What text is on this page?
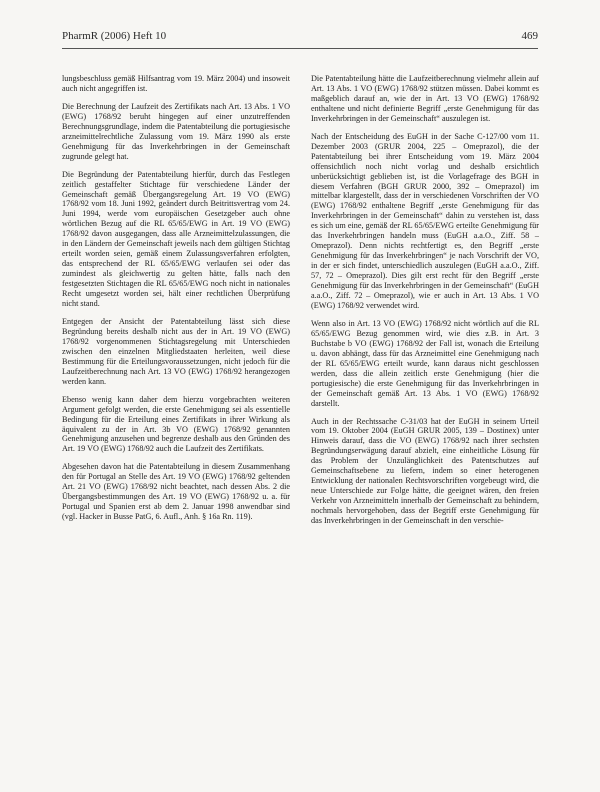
PharmR (2006) Heft 10	469

lungsbeschluss gemäß Hilfsantrag vom 19. März 2004) und insoweit auch nicht angegriffen ist.

Die Berechnung der Laufzeit des Zertifikats nach Art. 13 Abs. 1 VO (EWG) 1768/92 beruht hingegen auf einer unzutreffenden Berechnungsgrundlage, indem die Patentabteilung die portugiesische arzneimittelrechtliche Zulassung vom 19. März 1990 als erste Genehmigung für das Inverkehrbringen in der Gemeinschaft zugrunde gelegt hat.

Die Begründung der Patentabteilung hierfür, durch das Festlegen zeitlich gestaffelter Stichtage für verschiedene Länder der Gemeinschaft gemäß Übergangsregelung Art. 19 VO (EWG) 1768/92 vom 18. Juni 1992, geändert durch Beitrittsvertrag vom 24. Juni 1994, werde vom europäischen Gesetzgeber auch ohne wörtlichen Bezug auf die RL 65/65/EWG in Art. 19 VO (EWG) 1768/92 davon ausgegangen, dass alle Arzneimittelzulassungen, die in den Ländern der Gemeinschaft jeweils nach dem gültigen Stichtag erteilt worden seien, gemäß einem Zulassungsverfahren erfolgten, das entsprechend der RL 65/65/EWG verlaufen sei oder das zumindest als gleichwertig zu gelten hätte, falls nach den festgesetzten Stichtagen die RL 65/65/EWG noch nicht in nationales Recht umgesetzt worden sei, hält einer rechtlichen Überprüfung nicht stand.

Entgegen der Ansicht der Patentabteilung lässt sich diese Begründung bereits deshalb nicht aus der in Art. 19 VO (EWG) 1768/92 vorgenommenen Stichtagsregelung mit Unterschieden zwischen den einzelnen Mitgliedstaaten herleiten, weil diese Bestimmung für die Erteilungsvoraussetzungen, nicht jedoch für die Laufzeitberechnung nach Art. 13 VO (EWG) 1768/92 herangezogen werden kann.

Ebenso wenig kann daher dem hierzu vorgebrachten weiteren Argument gefolgt werden, die erste Genehmigung sei als essentielle Bedingung für die Erteilung eines Zertifikats in ihrer Wirkung als äquivalent zu der in Art. 3b VO (EWG) 1768/92 genannten Genehmigung anzusehen und begrenze deshalb aus den Gründen des Art. 19 VO (EWG) 1768/92 auch die Laufzeit des Zertifikats.

Abgesehen davon hat die Patentabteilung in diesem Zusammenhang den für Portugal an Stelle des Art. 19 VO (EWG) 1768/92 geltenden Art. 21 VO (EWG) 1768/92 nicht beachtet, nach dessen Abs. 2 die Übergangsbestimmungen des Art. 19 VO (EWG) 1768/92 u. a. für Portugal und Spanien erst ab dem 2. Januar 1998 anwendbar sind (vgl. Hacker in Busse PatG, 6. Aufl., Anh. § 16a Rn. 119).

Die Patentabteilung hätte die Laufzeitberechnung vielmehr allein auf Art. 13 Abs. 1 VO (EWG) 1768/92 stützen müssen. Dabei kommt es maßgeblich darauf an, wie der in Art. 13 VO (EWG) 1768/92 enthaltene und nicht definierte Begriff „erste Genehmigung für das Inverkehrbringen in der Gemeinschaft“ auszulegen ist.

Nach der Entscheidung des EuGH in der Sache C-127/00 vom 11. Dezember 2003 (GRUR 2004, 225 – Omeprazol), die der Patentabteilung bei ihrer Entscheidung vom 19. März 2004 offensichtlich noch nicht vorlag und deshalb ersichtlich unberücksichtigt geblieben ist, ist die Vorlagefrage des BGH in diesem Verfahren (BGH GRUR 2000, 392 – Omeprazol) im mittelbar klargestellt, dass der in verschiedenen Vorschriften der VO (EWG) 1768/92 enthaltene Begriff „erste Genehmigung für das Inverkehrbringen in der Gemeinschaft“ dahin zu verstehen ist, dass es sich um eine, gemäß der RL 65/65/EWG erteilte Genehmigung für das Inverkehrbringen handeln muss (EuGH a.a.O., Ziff. 58 – Omeprazol). Denn nichts rechtfertigt es, den Begriff „erste Genehmigung für das Inverkehrbringen“ je nach Vorschrift der VO, in der er sich findet, unterschiedlich auszulegen (EuGH a.a.O., Ziff. 57, 72 – Omeprazol). Dies gilt erst recht für den Begriff „erste Genehmigung für das Inverkehrbringen in der Gemeinschaft“ (EuGH a.a.O., Ziff. 72 – Omeprazol), wie er auch in Art. 13 Abs. 1 VO (EWG) 1768/92 verwendet wird.

Wenn also in Art. 13 VO (EWG) 1768/92 nicht wörtlich auf die RL 65/65/EWG Bezug genommen wird, wie dies z.B. in Art. 3 Buchstabe b VO (EWG) 1768/92 der Fall ist, wonach die Erteilung u. davon abhängt, dass für das Arzneimittel eine Genehmigung nach der RL 65/65/EWG erteilt wurde, kann daraus nicht geschlossen werden, dass die allein zeitlich erste Genehmigung (hier die portugiesische) die erste Genehmigung für das Inverkehrbringen in der Gemeinschaft gemäß Art. 13 Abs. 1 VO (EWG) 1768/92 darstellt.

Auch in der Rechtssache C-31/03 hat der EuGH in seinem Urteil vom 19. Oktober 2004 (EuGH GRUR 2005, 139 – Dostinex) unter Hinweis darauf, dass die VO (EWG) 1768/92 nach ihrer sechsten Begründungserwägung darauf abzielt, eine einheitliche Lösung für das Problem der Unzulänglichkeit des Patentschutzes auf Gemeinschaftsebene zu liefern, indem so einer heterogenen Entwicklung der nationalen Rechtsvorschriften vorgebeugt wird, die neue Unterschiede zur Folge hätte, die geeignet wären, den freien Verkehr von Arzneimitteln innerhalb der Gemeinschaft zu behindern, nochmals hervorgehoben, dass der Begriff erste Genehmigung für das Inverkehrbringen in der Gemeinschaft in den verschie-
